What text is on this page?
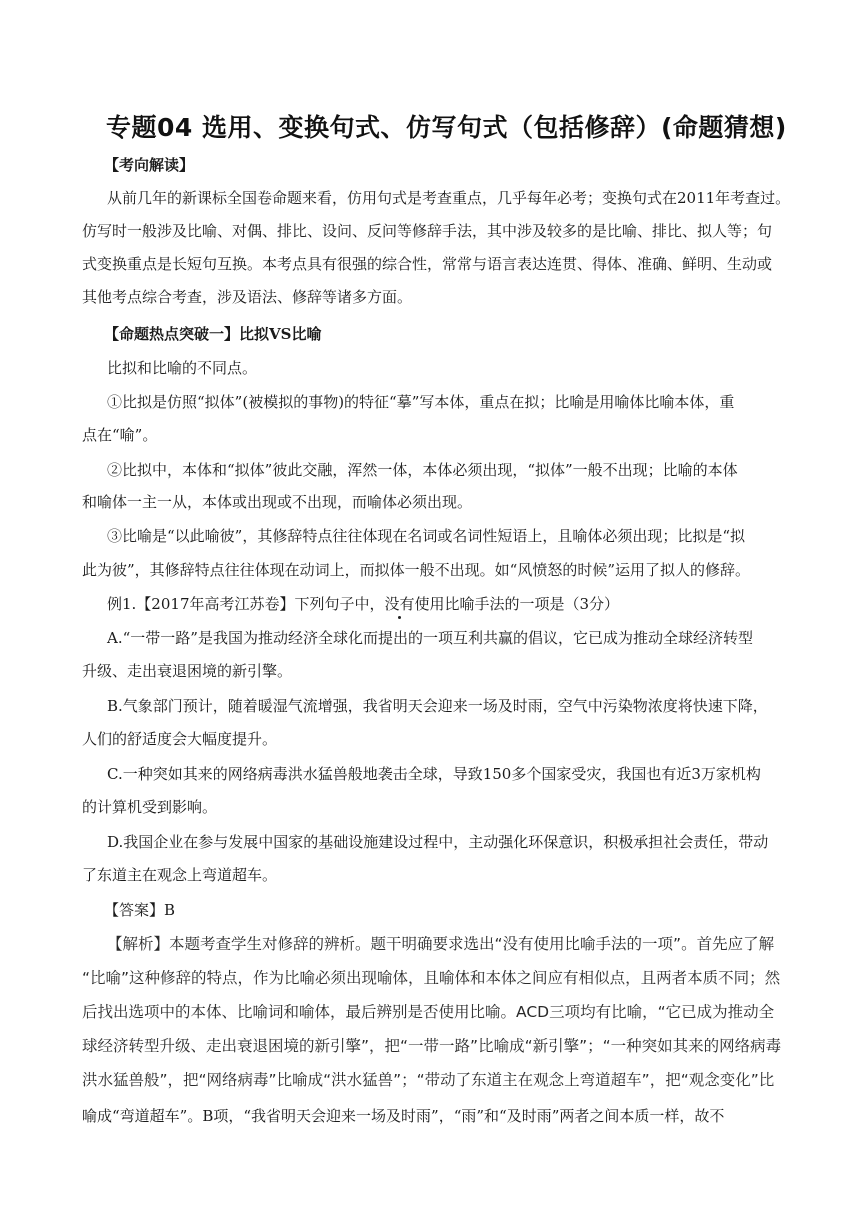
专题04 选用、变换句式、仿写句式（包括修辞）(命题猜想)
【考向解读】
从前几年的新课标全国卷命题来看，仿用句式是考查重点，几乎每年必考；变换句式在2011年考查过。
仿写时一般涉及比喻、对偶、排比、设问、反问等修辞手法，其中涉及较多的是比喻、排比、拟人等；句
式变换重点是长短句互换。本考点具有很强的综合性，常常与语言表达连贯、得体、准确、鲜明、生动或
其他考点综合考查，涉及语法、修辞等诸多方面。
【命题热点突破一】比拟VS比喻
比拟和比喻的不同点。
①比拟是仿照“拟体”(被模拟的事物)的特征“摹”写本体，重点在拟；比喻是用喻体比喻本体，重
点在“喻”。
②比拟中，本体和“拟体”彼此交融，浑然一体，本体必须出现，“拟体”一般不出现；比喻的本体
和喻体一主一从，本体或出现或不出现，而喻体必须出现。
③比喻是“以此喻彼”，其修辞特点往往体现在名词或名词性短语上，且喻体必须出现；比拟是“拟
此为彼”，其修辞特点往往体现在动词上，而拟体一般不出现。如“风愤怒的时候”运用了拟人的修辞。
例1.【2017年高考江苏卷】下列句子中，没有使用比喻手法的一项是（3分）
A.“一带一路”是我国为推动经济全球化而提出的一项互利共赢的倡议，它已成为推动全球经济转型
升级、走出衰退困境的新引擎。
B.气象部门预计，随着暖湿气流增强，我省明天会迎来一场及时雨，空气中污染物浓度将快速下降，
人们的舒适度会大幅度提升。
C.一种突如其来的网络病毒洪水猛兽般地袭击全球，导致150多个国家受灾，我国也有近3万家机构
的计算机受到影响。
D.我国企业在参与发展中国家的基础设施建设过程中，主动强化环保意识，积极承担社会责任，带动
了东道主在观念上弯道超车。
【答案】B
【解析】本题考查学生对修辞的辨析。题干明确要求选出“没有使用比喻手法的一项”。首先应了解
“比喻”这种修辞的特点，作为比喻必须出现喻体，且喻体和本体之间应有相似点，且两者本质不同；然
后找出选项中的本体、比喻词和喻体，最后辨别是否使用比喻。ACD三项均有比喻，“它已成为推动全
球经济转型升级、走出衰退困境的新引擎”，把“一带一路”比喻成“新引擎”；“一种突如其来的网络病毒
洪水猛兽般”，把“网络病毒”比喻成“洪水猛兽”；“带动了东道主在观念上弯道超车”，把“观念变化”比
喻成“弯道超车”。B项，“我省明天会迎来一场及时雨”，“雨”和“及时雨”两者之间本质一样，故不
